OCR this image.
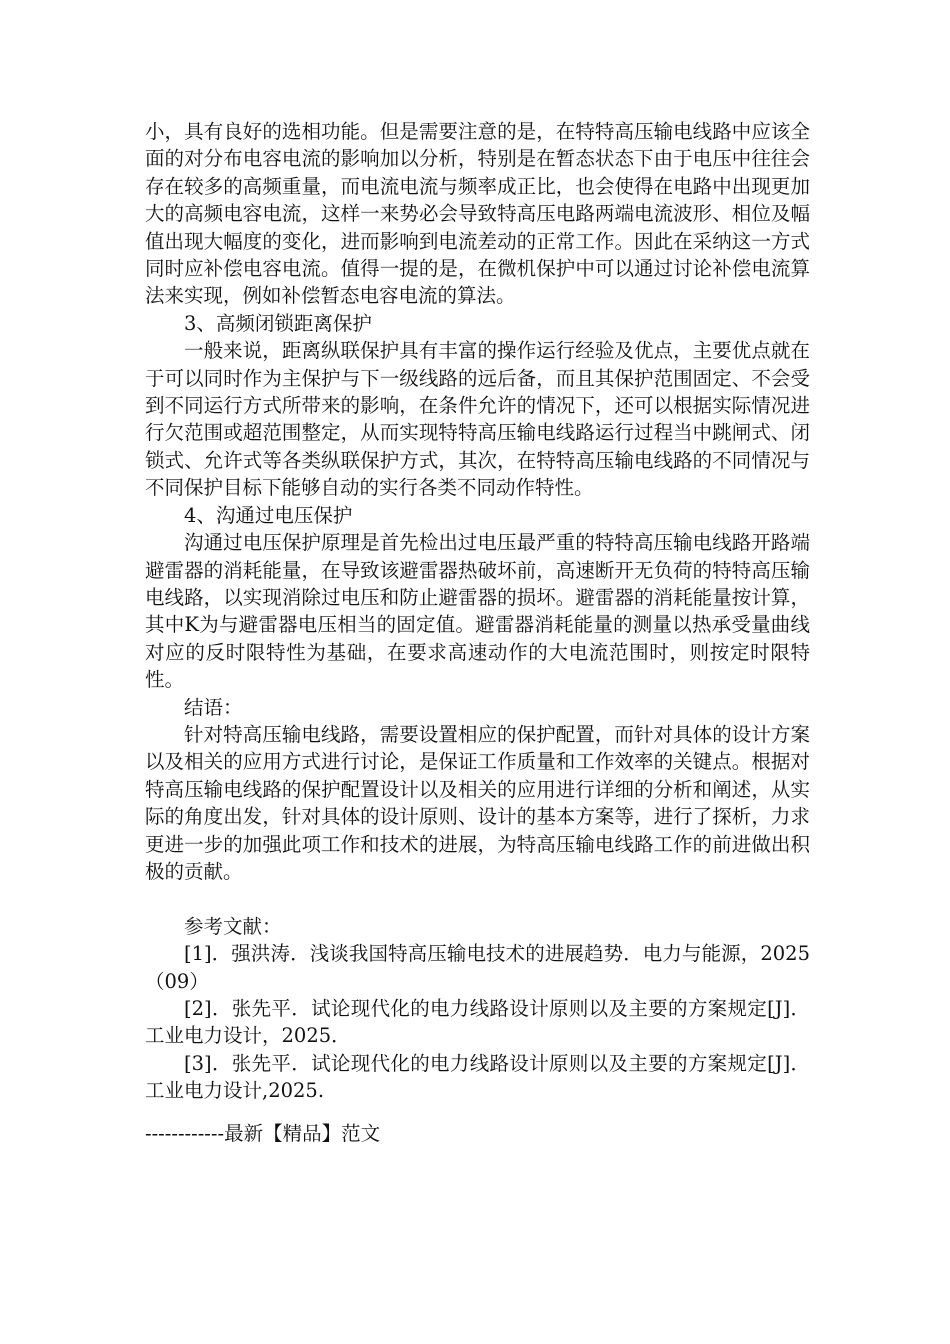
小，具有良好的选相功能。但是需要注意的是，在特特高压输电线路中应该全面的对分布电容电流的影响加以分析，特别是在暂态状态下由于电压中往往会存在较多的高频重量，而电流电流与频率成正比，也会使得在电路中出现更加大的高频电容电流，这样一来势必会导致特高压电路两端电流波形、相位及幅值出现大幅度的变化，进而影响到电流差动的正常工作。因此在采纳这一方式同时应补偿电容电流。值得一提的是，在微机保护中可以通过讨论补偿电流算法来实现，例如补偿暂态电容电流的算法。

3、高频闭锁距离保护

一般来说，距离纵联保护具有丰富的操作运行经验及优点，主要优点就在于可以同时作为主保护与下一级线路的远后备，而且其保护范围固定、不会受到不同运行方式所带来的影响，在条件允许的情况下，还可以根据实际情况进行欠范围或超范围整定，从而实现特特高压输电线路运行过程当中跳闸式、闭锁式、允许式等各类纵联保护方式，其次，在特特高压输电线路的不同情况与不同保护目标下能够自动的实行各类不同动作特性。

4、沟通过电压保护

沟通过电压保护原理是首先检出过电压最严重的特特高压输电线路开路端避雷器的消耗能量，在导致该避雷器热破坏前，高速断开无负荷的特特高压输电线路，以实现消除过电压和防止避雷器的损坏。避雷器的消耗能量按计算，其中K为与避雷器电压相当的固定值。避雷器消耗能量的测量以热承受量曲线对应的反时限特性为基础，在要求高速动作的大电流范围时，则按定时限特性。

结语：

针对特高压输电线路，需要设置相应的保护配置，而针对具体的设计方案以及相关的应用方式进行讨论，是保证工作质量和工作效率的关键点。根据对特高压输电线路的保护配置设计以及相关的应用进行详细的分析和阐述，从实际的角度出发，针对具体的设计原则、设计的基本方案等，进行了探析，力求更进一步的加强此项工作和技术的进展，为特高压输电线路工作的前进做出积极的贡献。

参考文献：

[1]．强洪涛．浅谈我国特高压输电技术的进展趋势．电力与能源，2025（09）

[2]．张先平．试论现代化的电力线路设计原则以及主要的方案规定[J]．工业电力设计，2025．

[3]．张先平．试论现代化的电力线路设计原则以及主要的方案规定[J]．工业电力设计,2025.

------------最新【精品】范文
